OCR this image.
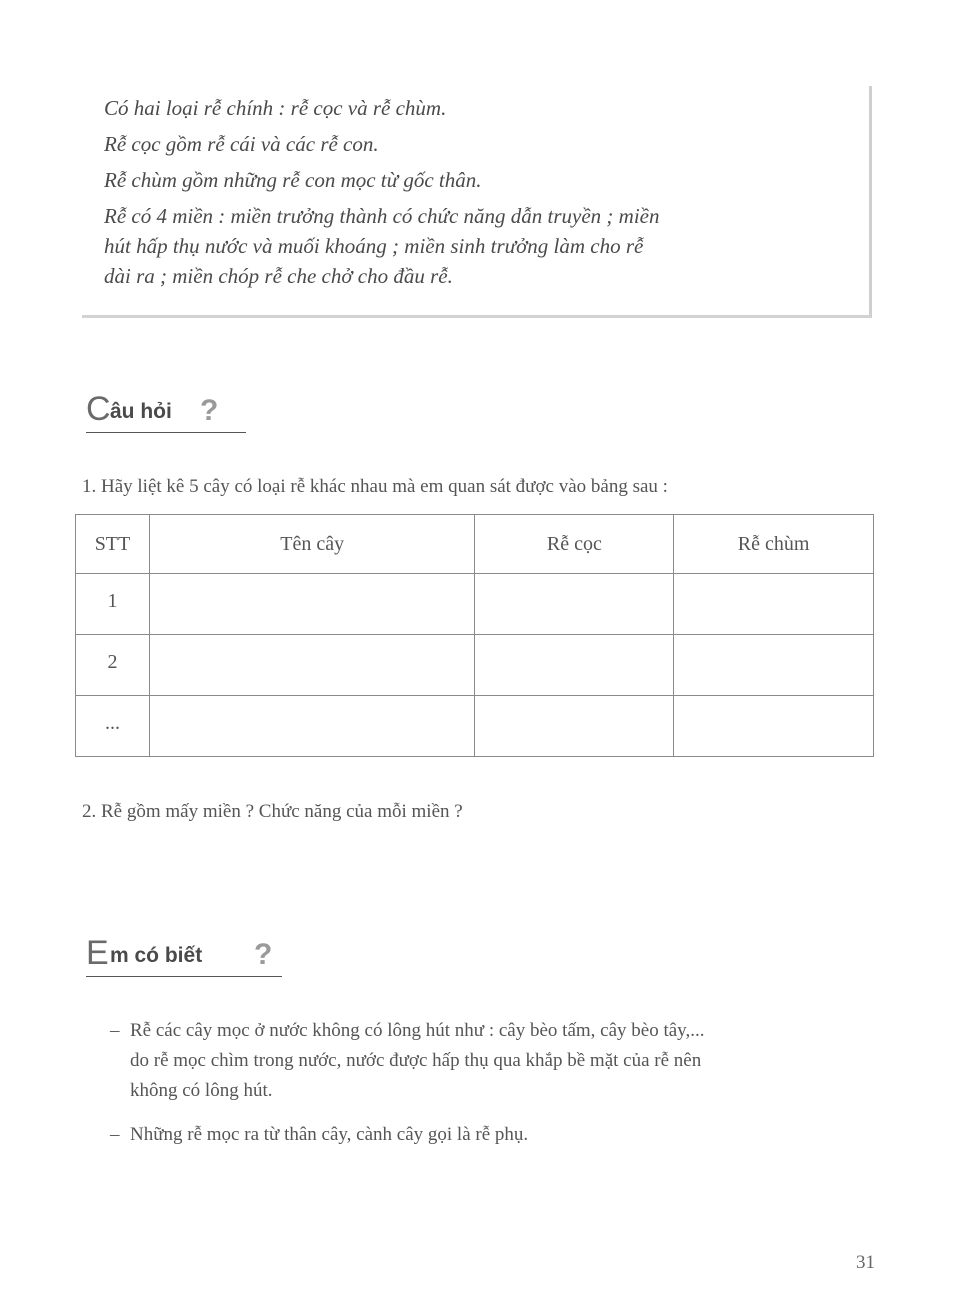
Có hai loại rễ chính : rễ cọc và rễ chùm.
Rễ cọc gồm rễ cái và các rễ con.
Rễ chùm gồm những rễ con mọc từ gốc thân.
Rễ có 4 miền : miền trưởng thành có chức năng dẫn truyền ; miền
hút hấp thụ nước và muối khoáng ; miền sinh trưởng làm cho rễ
dài ra ; miền chóp rễ che chở cho đầu rễ.
C âu hỏi ?
1. Hãy liệt kê 5 cây có loại rễ khác nhau mà em quan sát được vào bảng sau :
STT	Tên cây	Rễ cọc	Rễ chùm
1			
2			
...			
2. Rễ gồm mấy miền ? Chức năng của mỗi miền ?
E m có biết ?
– Rễ các cây mọc ở nước không có lông hút như : cây bèo tấm, cây bèo tây,...
do rễ mọc chìm trong nước, nước được hấp thụ qua khắp bề mặt của rễ nên
không có lông hút.
– Những rễ mọc ra từ thân cây, cành cây gọi là rễ phụ.
31
